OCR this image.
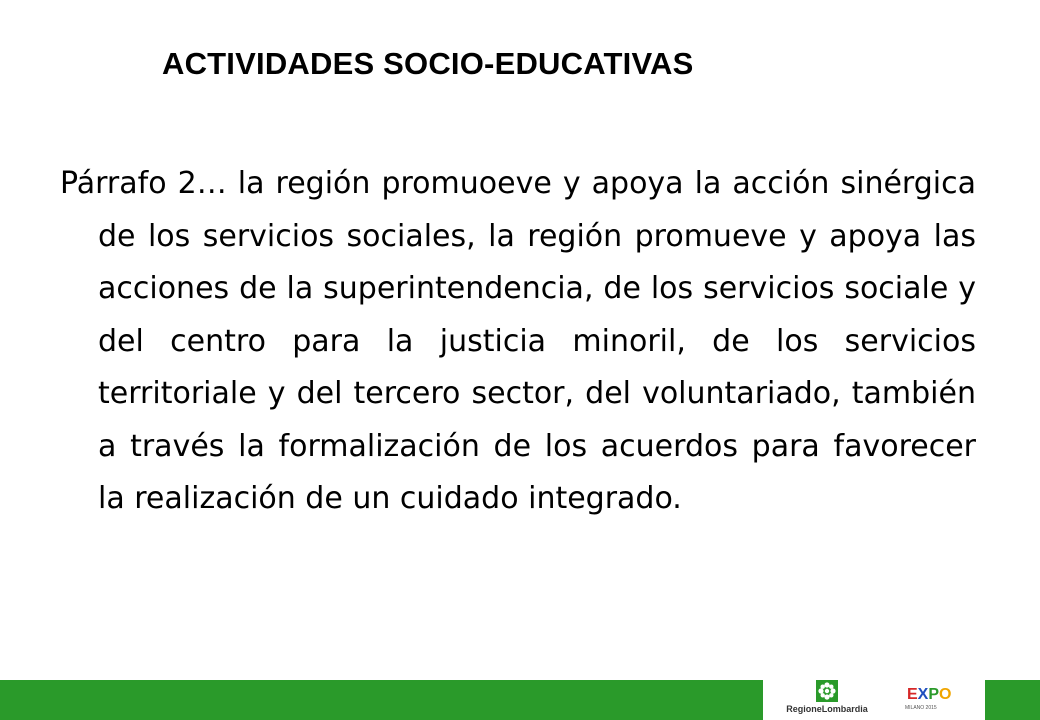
ACTIVIDADES SOCIO-EDUCATIVAS
Párrafo 2… la región promuoeve y apoya la acción sinérgica de los servicios sociales, la región promueve y apoya las acciones de la superintendencia, de los servicios sociale y del centro para la justicia minoril, de los servicios territoriale y del tercero sector, del voluntariado, también a través la formalización de los acuerdos para favorecer la realización de un cuidado integrado.
RegioneLombardia
EXPO
MILANO 2015
